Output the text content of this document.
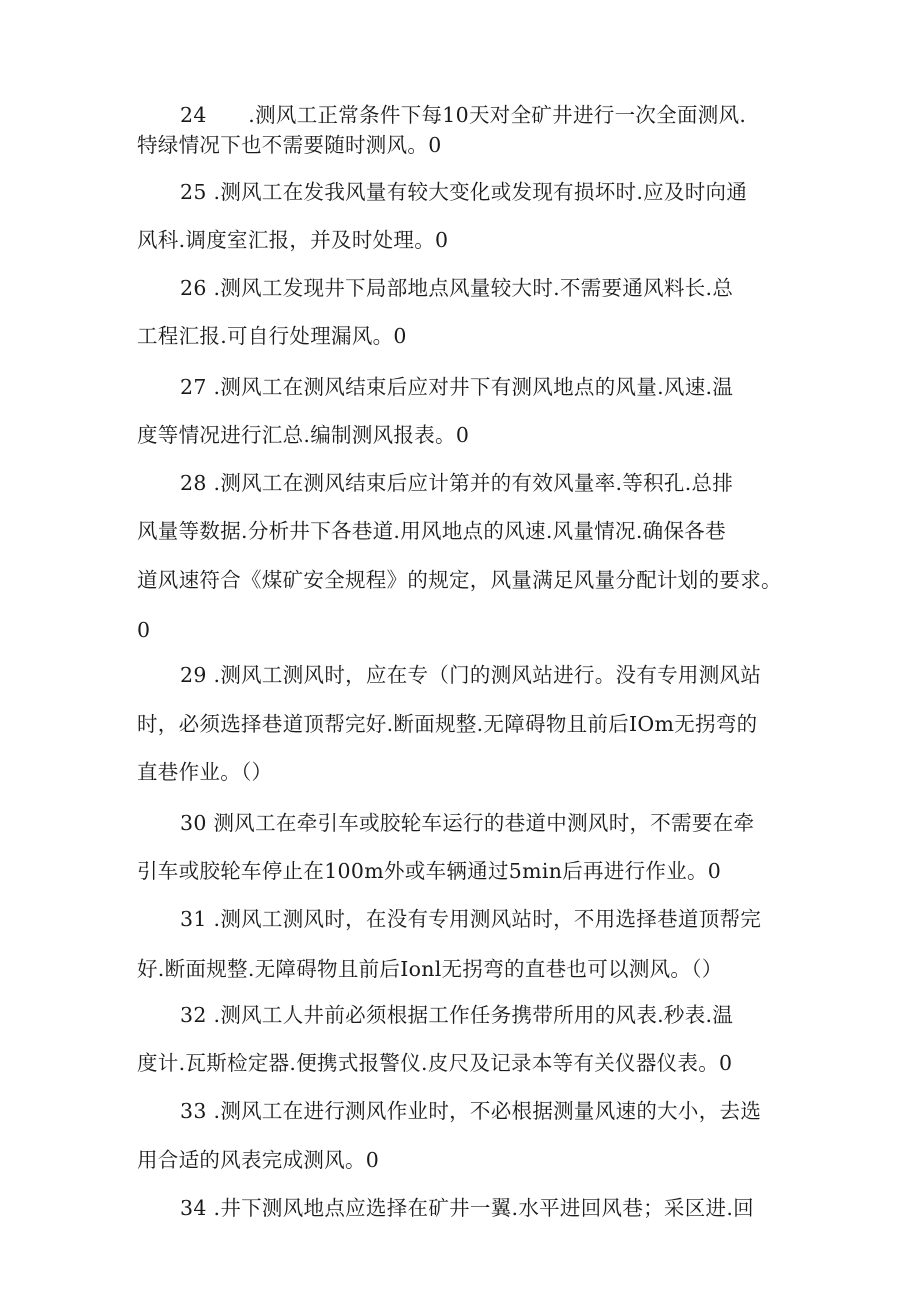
24　　.测风工正常条件下每10天对全矿井进行一次全面测风.
特绿情况下也不需要随时测风。0
25 .测风工在发我风量有较大变化或发现有损坏时.应及时向通
风科.调度室汇报，并及时处理。0
26 .测风工发现井下局部地点风量较大时.不需要通风料长.总
工程汇报.可自行处理漏风。0
27 .测风工在测风结束后应对井下有测风地点的风量.风速.温
度等情况进行汇总.编制测风报表。0
28 .测风工在测风结束后应计第并的有效风量率.等积孔.总排
风量等数据.分析井下各巷道.用风地点的风速.风量情况.确保各巷
道风速符合《煤矿安全规程》的规定，风量满足风量分配计划的要求。
0
29 .测风工测风时，应在专（门的测风站进行。没有专用测风站
时，必须选择巷道顶帮完好.断面规整.无障碍物且前后IOm无拐弯的
直巷作业。（）
30 测风工在牵引车或胶轮车运行的巷道中测风时，不需要在牵
引车或胶轮车停止在100m外或车辆通过5min后再进行作业。0
31 .测风工测风时，在没有专用测风站时，不用选择巷道顶帮完
好.断面规整.无障碍物且前后Ionl无拐弯的直巷也可以测风。（）
32 .测风工人井前必须根据工作任务携带所用的风表.秒表.温
度计.瓦斯检定器.便携式报警仪.皮尺及记录本等有关仪器仪表。0
33 .测风工在进行测风作业时，不必根据测量风速的大小，去选
用合适的风表完成测风。0
34 .井下测风地点应选择在矿井一翼.水平进回风巷；采区进.回
